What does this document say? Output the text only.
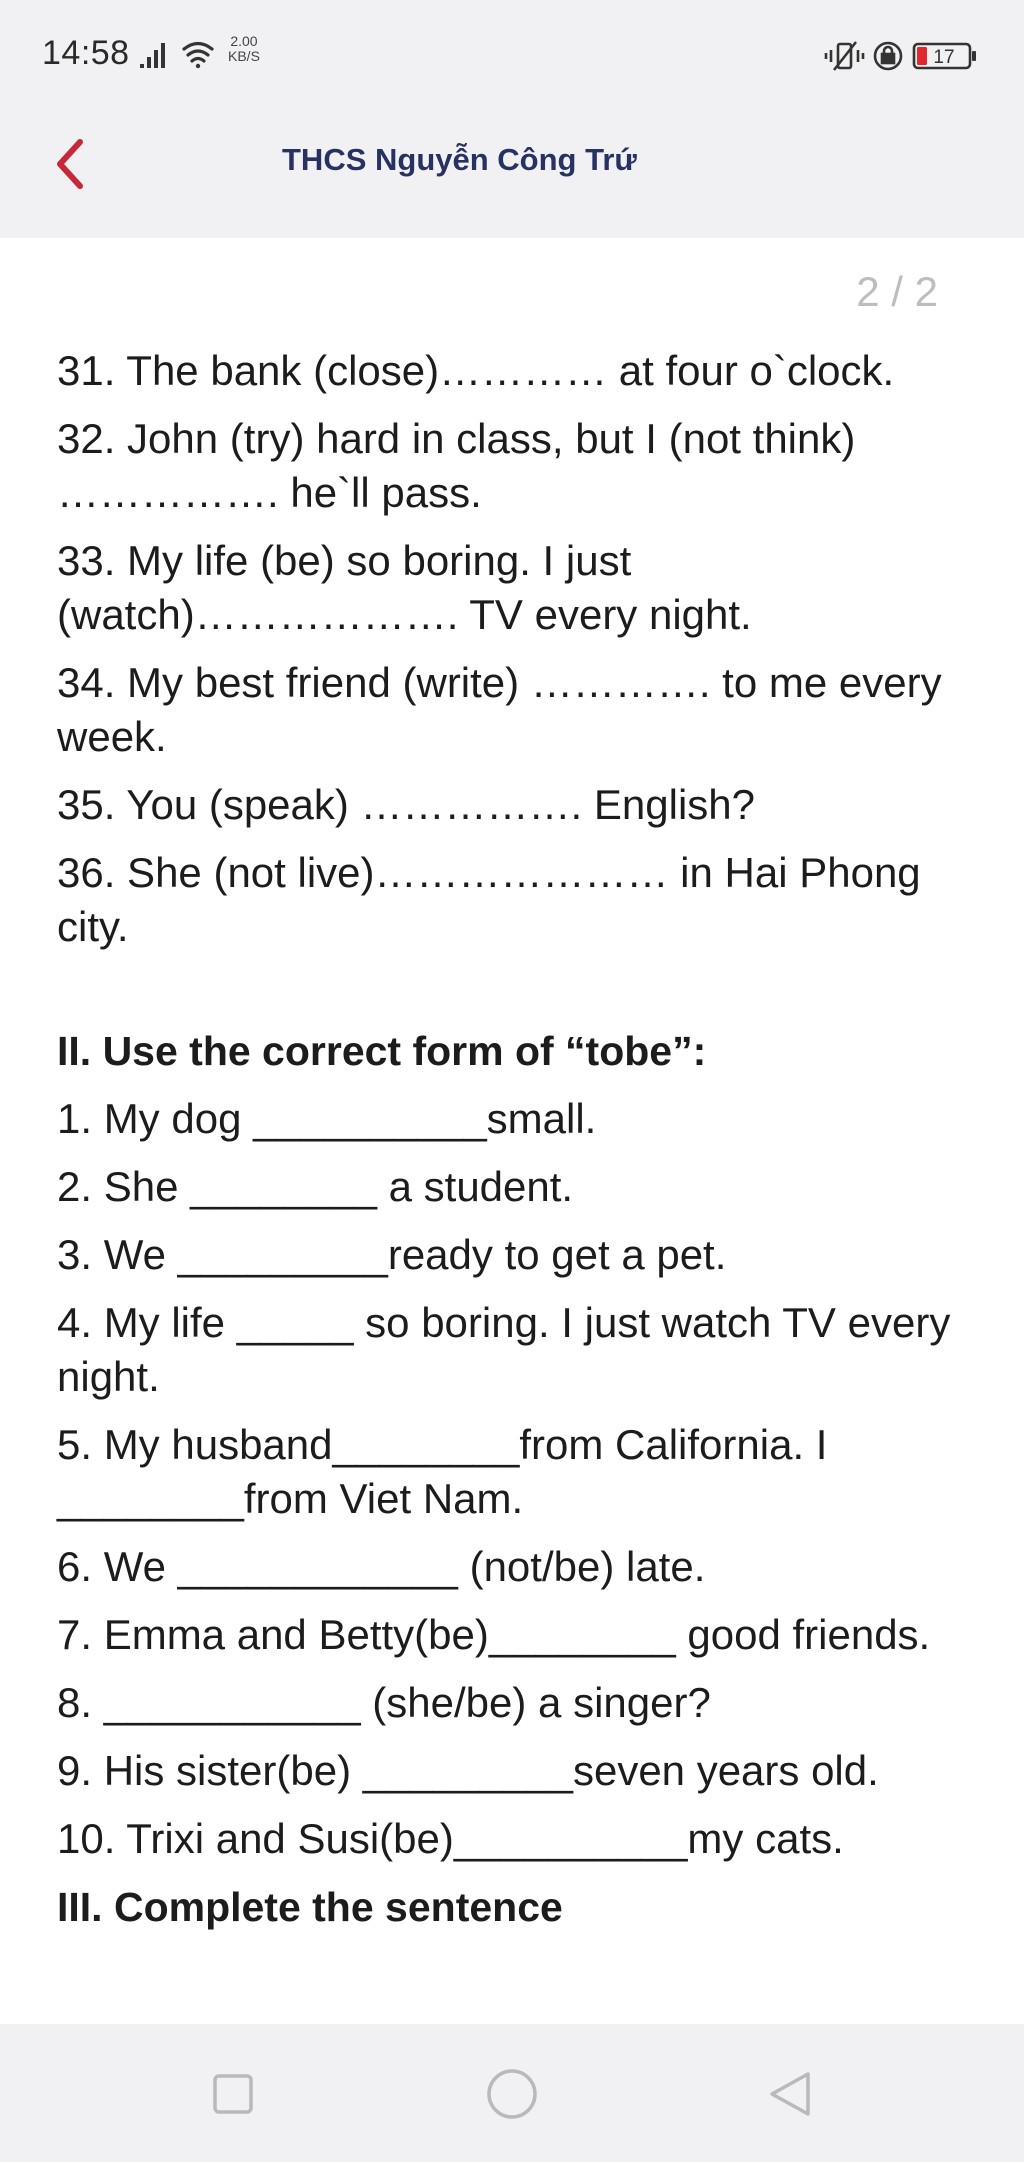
14:58	2.00
KB/S	17
THCS Nguyễn Công Trứ
2 / 2

31. The bank (close)………… at four o`clock.

32. John (try) hard in class, but I (not think) ……………. he`ll pass.

33. My life (be) so boring. I just (watch)………………. TV every night.

34. My best friend (write) …………. to me every week.

35. You (speak) ……………. English?

36. She (not live)………………… in Hai Phong city.

II. Use the correct form of “tobe”:

1. My dog __________small.

2. She ________ a student.

3. We _________ready to get a pet.

4. My life _____ so boring. I just watch TV every night.

5. My husband________from California. I ________from Viet Nam.

6. We ____________ (not/be) late.

7. Emma and Betty(be)________ good friends.

8. ___________ (she/be) a singer?

9. His sister(be) _________seven years old.

10. Trixi and Susi(be)__________my cats.

III. Complete the sentence
